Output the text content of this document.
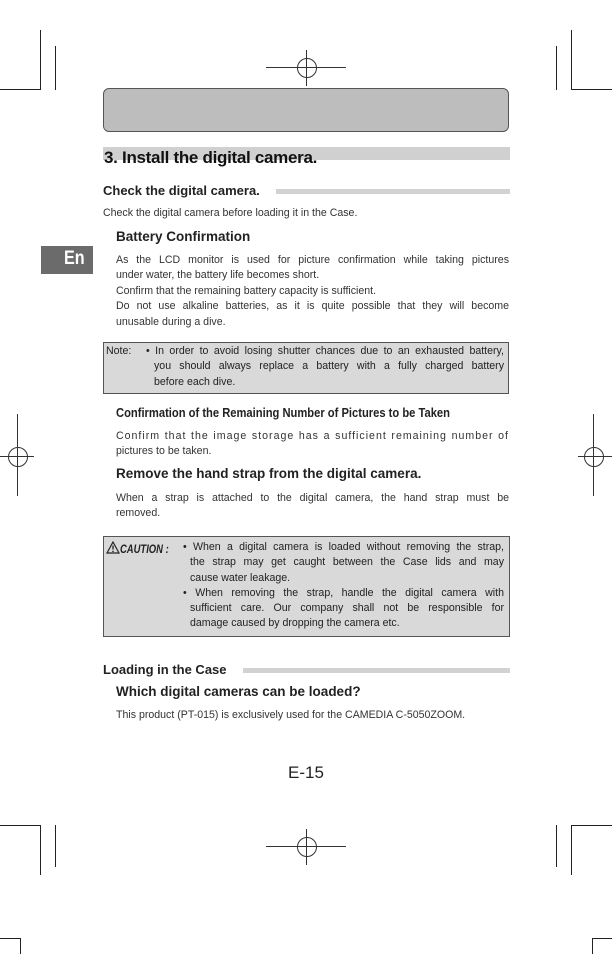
3. Install the digital camera.
En
Check the digital camera.

Check the digital camera before loading it in the Case.

Battery Confirmation
As the LCD monitor is used for picture confirmation while taking pictures
under water, the battery life becomes short.
Confirm that the remaining battery capacity is sufficient.
Do not use alkaline batteries, as it is quite possible that they will become
unusable during a dive.
Note: • In order to avoid losing shutter chances due to an exhausted battery,
you should always replace a battery with a fully charged battery
before each dive.
Confirmation of the Remaining Number of Pictures to be Taken
Confirm that the image storage has a sufficient remaining number of
pictures to be taken.
Remove the hand strap from the digital camera.
When a strap is attached to the digital camera, the hand strap must be
removed.
CAUTION :	• When a digital camera is loaded without removing the strap,
the strap may get caught between the Case lids and may
cause water leakage.
• When removing the strap, handle the digital camera with
sufficient care. Our company shall not be responsible for
damage caused by dropping the camera etc.
Loading in the Case
Which digital cameras can be loaded?

This product (PT-015) is exclusively used for the CAMEDIA C-5050ZOOM.

E-15
